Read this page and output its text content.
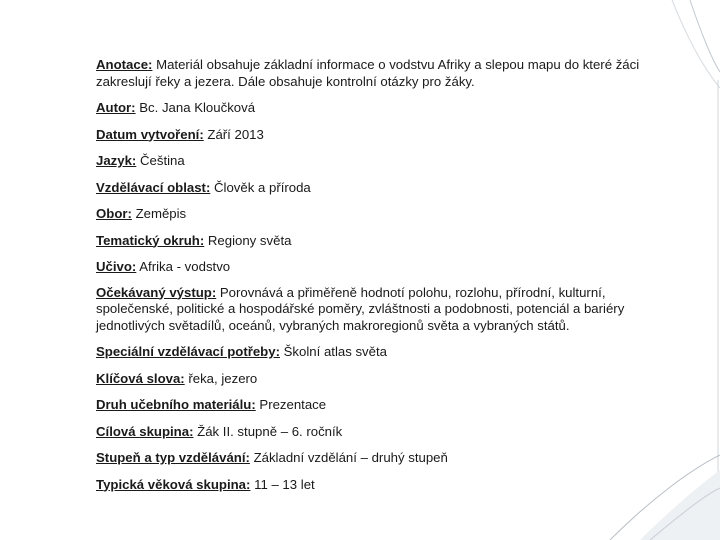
Anotace: Materiál obsahuje základní informace o vodstvu Afriky a slepou mapu do které žáci zakreslují řeky a jezera. Dále obsahuje kontrolní otázky pro žáky.
Autor: Bc. Jana Kloučková
Datum vytvoření: Září 2013
Jazyk: Čeština
Vzdělávací oblast: Člověk a příroda
Obor: Zeměpis
Tematický okruh: Regiony světa
Učivo: Afrika - vodstvo
Očekávaný výstup: Porovnává a přiměřeně hodnotí polohu, rozlohu, přírodní, kulturní, společenské, politické a hospodářské poměry, zvláštnosti a podobnosti, potenciál a bariéry jednotlivých světadílů, oceánů, vybraných makroregionů světa a vybraných států.
Speciální vzdělávací potřeby: Školní atlas světa
Klíčová slova: řeka, jezero
Druh učebního materiálu: Prezentace
Cílová skupina: Žák II. stupně – 6. ročník
Stupeň a typ vzdělávání: Základní vzdělání – druhý stupeň
Typická věková skupina: 11 – 13 let
